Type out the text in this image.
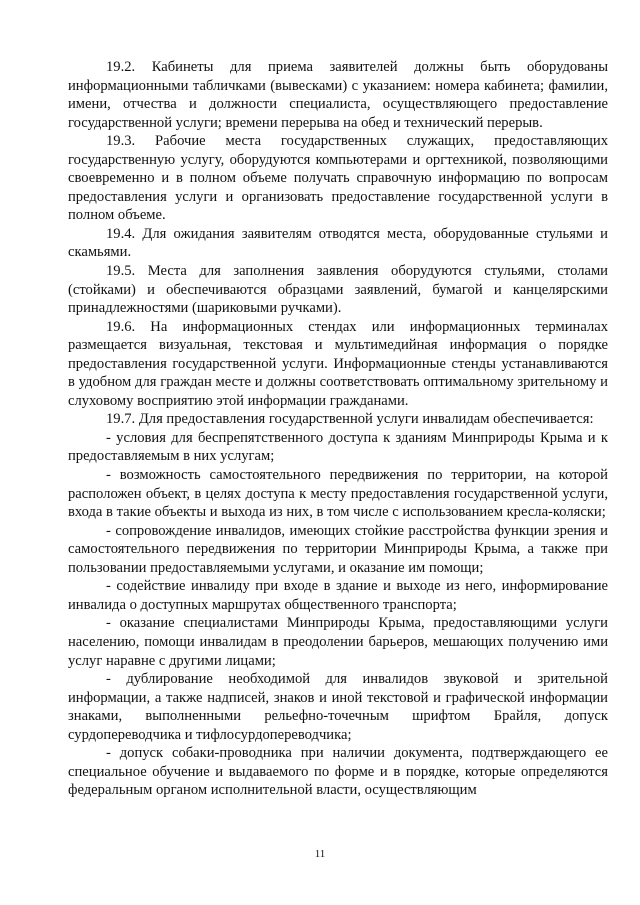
19.2. Кабинеты для приема заявителей должны быть оборудованы информационными табличками (вывесками) с указанием: номера кабинета; фамилии, имени, отчества и должности специалиста, осуществляющего предоставление государственной услуги; времени перерыва на обед и технический перерыв.

19.3. Рабочие места государственных служащих, предоставляющих государственную услугу, оборудуются компьютерами и оргтехникой, позволяющими своевременно и в полном объеме получать справочную информацию по вопросам предоставления услуги и организовать предоставление государственной услуги в полном объеме.

19.4. Для ожидания заявителям отводятся места, оборудованные стульями и скамьями.

19.5. Места для заполнения заявления оборудуются стульями, столами (стойками) и обеспечиваются образцами заявлений, бумагой и канцелярскими принадлежностями (шариковыми ручками).

19.6. На информационных стендах или информационных терминалах размещается визуальная, текстовая и мультимедийная информация о порядке предоставления государственной услуги. Информационные стенды устанавливаются в удобном для граждан месте и должны соответствовать оптимальному зрительному и слуховому восприятию этой информации гражданами.

19.7. Для предоставления государственной услуги инвалидам обеспечивается:

- условия для беспрепятственного доступа к зданиям Минприроды Крыма и к предоставляемым в них услугам;

- возможность самостоятельного передвижения по территории, на которой расположен объект, в целях доступа к месту предоставления государственной услуги, входа в такие объекты и выхода из них, в том числе с использованием кресла-коляски;

- сопровождение инвалидов, имеющих стойкие расстройства функции зрения и самостоятельного передвижения по территории Минприроды Крыма, а также при пользовании предоставляемыми услугами, и оказание им помощи;

- содействие инвалиду при входе в здание и выходе из него, информирование инвалида о доступных маршрутах общественного транспорта;

- оказание специалистами Минприроды Крыма, предоставляющими услуги населению, помощи инвалидам в преодолении барьеров, мешающих получению ими услуг наравне с другими лицами;

- дублирование необходимой для инвалидов звуковой и зрительной информации, а также надписей, знаков и иной текстовой и графической информации знаками, выполненными рельефно-точечным шрифтом Брайля, допуск сурдопереводчика и тифлосурдопереводчика;

- допуск собаки-проводника при наличии документа, подтверждающего ее специальное обучение и выдаваемого по форме и в порядке, которые определяются федеральным органом исполнительной власти, осуществляющим

11
